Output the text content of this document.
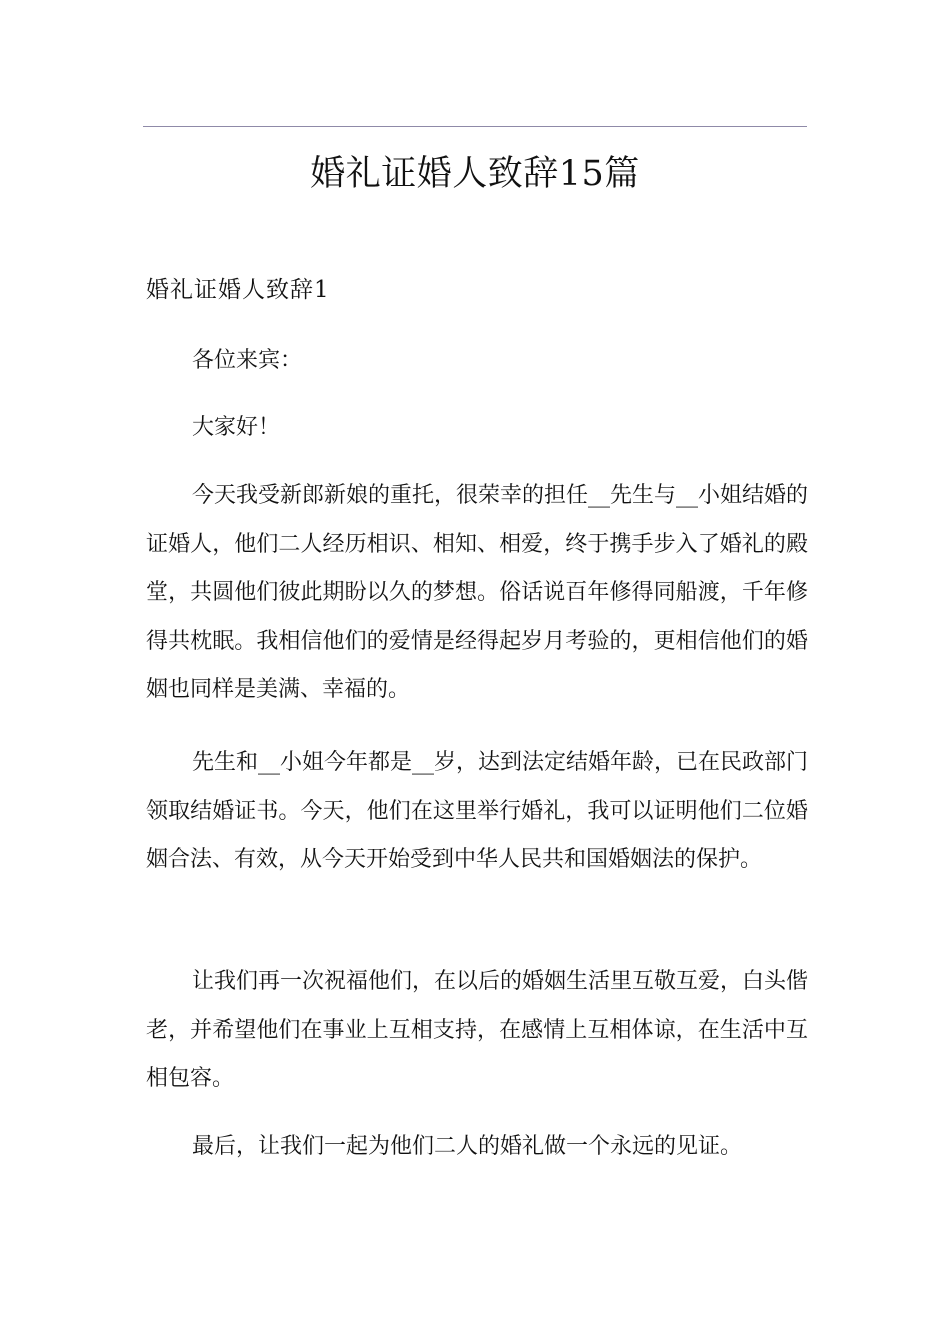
婚礼证婚人致辞15篇
婚礼证婚人致辞1

各位来宾：

大家好！

今天我受新郎新娘的重托，很荣幸的担任__先生与__小姐结婚的证婚人，他们二人经历相识、相知、相爱，终于携手步入了婚礼的殿堂，共圆他们彼此期盼以久的梦想。俗话说百年修得同船渡，千年修得共枕眠。我相信他们的爱情是经得起岁月考验的，更相信他们的婚姻也同样是美满、幸福的。

先生和__小姐今年都是__岁，达到法定结婚年龄，已在民政部门领取结婚证书。今天，他们在这里举行婚礼，我可以证明他们二位婚姻合法、有效，从今天开始受到中华人民共和国婚姻法的保护。

让我们再一次祝福他们，在以后的婚姻生活里互敬互爱，白头偕老，并希望他们在事业上互相支持，在感情上互相体谅，在生活中互相包容。

最后，让我们一起为他们二人的婚礼做一个永远的见证。
